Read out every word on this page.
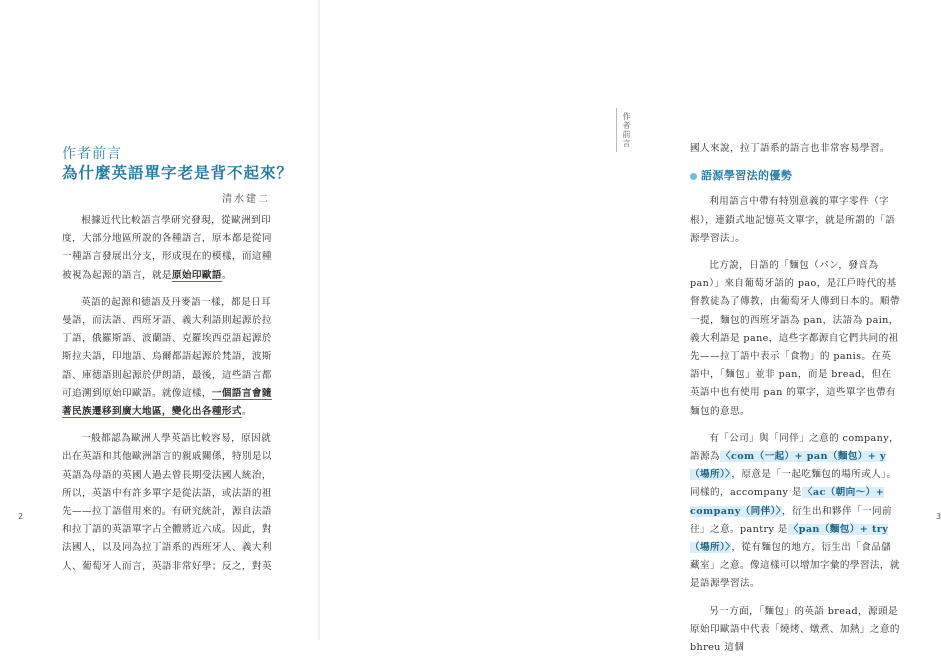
作者前言
為什麼英語單字老是背不起來？
清水建二

根據近代比較語言學研究發現，從歐洲到印度，大部分地區所說的各種語言，原本都是從同一種語言發展出分支，形成現在的模樣，而這種被視為起源的語言，就是原始印歐語。

英語的起源和德語及丹麥語一樣，都是日耳曼語，而法語、西班牙語、義大利語則起源於拉丁語，俄羅斯語、波蘭語、克羅埃西亞語起源於斯拉夫語，印地語、烏爾都語起源於梵語，波斯語、庫德語則起源於伊朗語，最後，這些語言都可追溯到原始印歐語。就像這樣，一個語言會隨著民族遷移到廣大地區，變化出各種形式。

一般都認為歐洲人學英語比較容易，原因就出在英語和其他歐洲語言的親戚關係，特別是以英語為母語的英國人過去曾長期受法國人統治，所以，英語中有許多單字是從法語，或法語的祖先——拉丁語借用來的。有研究統計，源自法語和拉丁語的英語單字占全體將近六成。因此，對法國人，以及同為拉丁語系的西班牙人、義大利人、葡萄牙人而言，英語非常好學；反之，對英

2

國人來說，拉丁語系的語言也非常容易學習。

語源學習法的優勢

利用語言中帶有特別意義的單字零件（字根），連鎖式地記憶英文單字，就是所謂的「語源學習法」。

比方說，日語的「麵包（パン，發音為 pan）」來自葡萄牙語的 pao，是江戶時代的基督教徒為了傳教，由葡萄牙人傳到日本的。順帶一提，麵包的西班牙語為 pan，法語為 pain，義大利語是 pane，這些字都源自它們共同的祖先——拉丁語中表示「食物」的 panis。在英語中，「麵包」並非 pan，而是 bread，但在英語中也有使用 pan 的單字，這些單字也帶有麵包的意思。

有「公司」與「同伴」之意的 company，語源為〈com（一起）+ pan（麵包）+ y（場所）〉，原意是「一起吃麵包的場所或人」。同樣的，accompany 是〈ac（朝向～）+ company（同伴）〉，衍生出和夥伴「一同前往」之意。pantry 是〈pan（麵包）+ try（場所）〉，從有麵包的地方，衍生出「食品儲藏室」之意。像這樣可以增加字彙的學習法，就是語源學習法。

另一方面，「麵包」的英語 bread，源頭是原始印歐語中代表「燒烤、燉煮、加熱」之意的 bhreu 這個

3
作者前言
